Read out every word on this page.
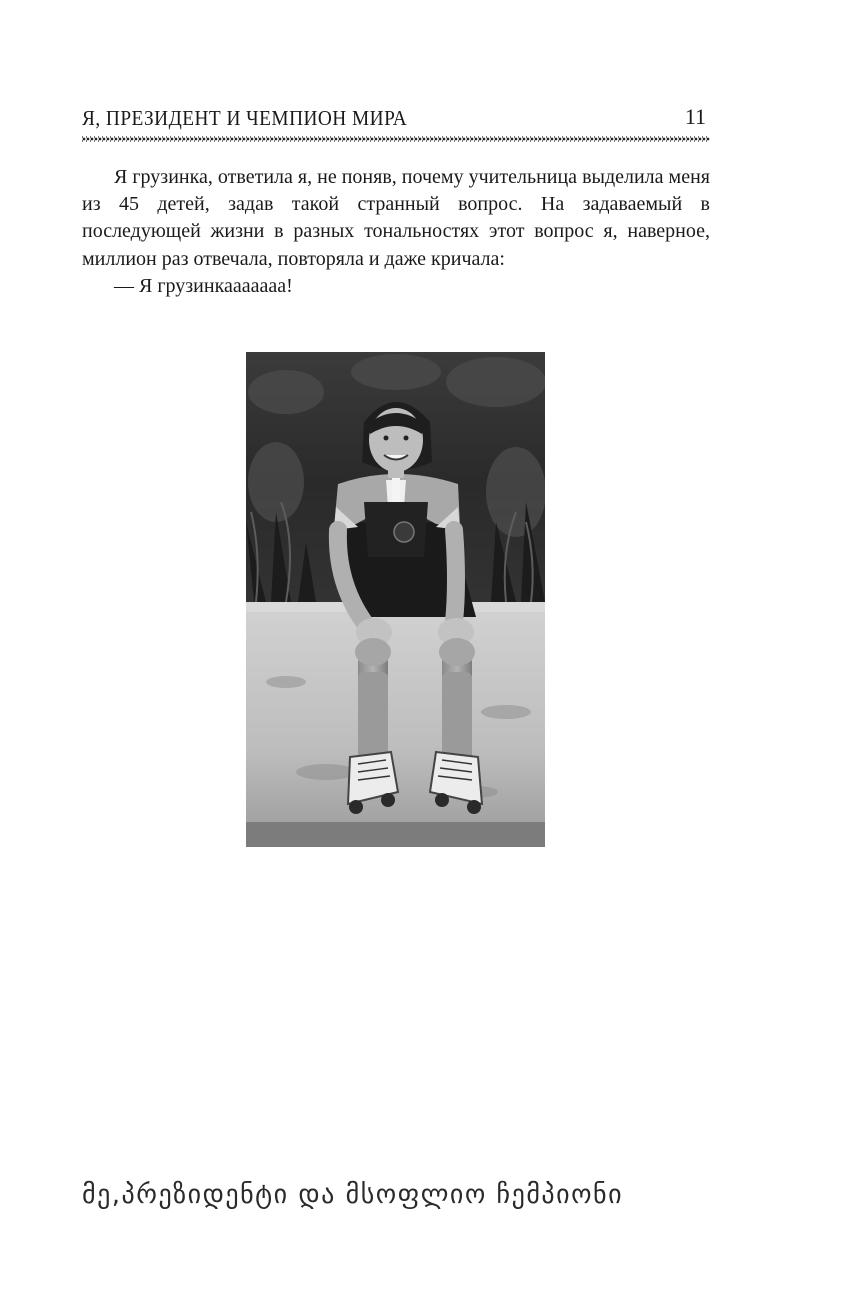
Я, ПРЕЗИДЕНТ И ЧЕМПИОН МИРА	11

Я грузинка, ответила я, не поняв, почему учительница выделила меня из 45 детей, задав такой странный вопрос. На задаваемый в последующей жизни в разных тональностях этот вопрос я, наверное, миллион раз отвечала, повторяла и даже кричала:

— Я грузинкааааааа!

მე,პრეზიდენტი და მსოფლიო ჩემპიონი
